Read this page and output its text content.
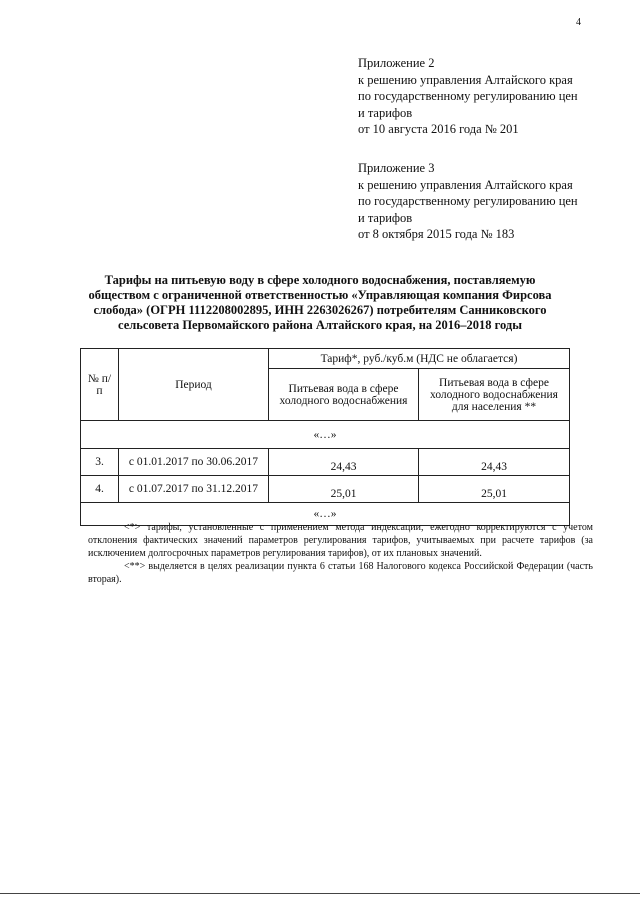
4
Приложение 2
к решению управления Алтайского края
по государственному регулированию цен
и тарифов
от 10 августа 2016 года № 201
Приложение 3
к решению управления Алтайского края
по государственному регулированию цен
и тарифов
от 8 октября 2015 года № 183
Тарифы на питьевую воду в сфере холодного водоснабжения, поставляемую
обществом с ограниченной ответственностью «Управляющая компания Фирсова
слобода» (ОГРН 1112208002895, ИНН 2263026267) потребителям Санниковского
сельсовета Первомайского района Алтайского края, на 2016–2018 годы
№ п/п	Период	Тариф*, руб./куб.м (НДС не облагается)	
		Питьевая вода в сфере холодного водоснабжения	Питьевая вода в сфере холодного водоснабжения для населения **
«…»			
3.	с 01.01.2017 по 30.06.2017	24,43	24,43
4.	с 01.07.2017 по 31.12.2017	25,01	25,01
«…»			

<*> тарифы, установленные с применением метода индексации, ежегодно корректируются с учетом отклонения фактических значений параметров регулирования тарифов, учитываемых при расчете тарифов (за исключением долгосрочных параметров регулирования тарифов), от их плановых значений.

<**> выделяется в целях реализации пункта 6 статьи 168 Налогового кодекса Российской Федерации (часть вторая).
